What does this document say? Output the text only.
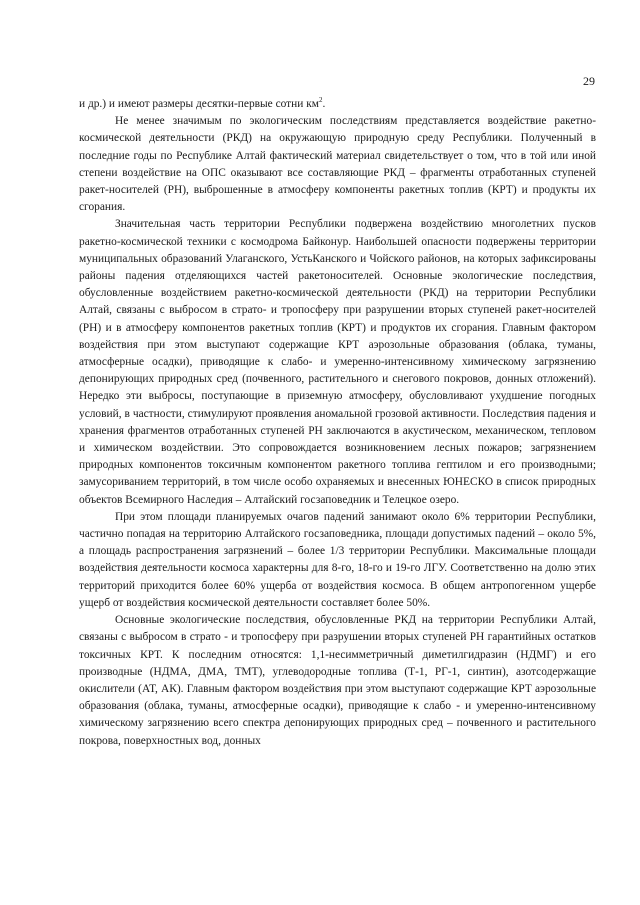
29

и др.) и имеют размеры десятки-первые сотни $км^2$.

Не менее значимым по экологическим последствиям представляется воздействие ракетно-космической деятельности (РКД) на окружающую природную среду Республики. Полученный в последние годы по Республике Алтай фактический материал свидетельствует о том, что в той или иной степени воздействие на ОПС оказывают все составляющие РКД – фрагменты отработанных ступеней ракет-носителей (РН), выброшенные в атмосферу компоненты ракетных топлив (КРТ) и продукты их сгорания.

Значительная часть территории Республики подвержена воздействию многолетних пусков ракетно-космической техники с космодрома Байконур. Наибольшей опасности подвержены территории муниципальных образований Улаганского, УстьКанского и Чойского районов, на которых зафиксированы районы падения отделяющихся частей ракетоносителей. Основные экологические последствия, обусловленные воздействием ракетно-космической деятельности (РКД) на территории Республики Алтай, связаны с выбросом в страто- и тропосферу при разрушении вторых ступеней ракет-носителей (РН) и в атмосферу компонентов ракетных топлив (КРТ) и продуктов их сгорания. Главным фактором воздействия при этом выступают содержащие КРТ аэрозольные образования (облака, туманы, атмосферные осадки), приводящие к слабо- и умеренно-интенсивному химическому загрязнению депонирующих природных сред (почвенного, растительного и снегового покровов, донных отложений). Нередко эти выбросы, поступающие в приземную атмосферу, обусловливают ухудшение погодных условий, в частности, стимулируют проявления аномальной грозовой активности. Последствия падения и хранения фрагментов отработанных ступеней РН заключаются в акустическом, механическом, тепловом и химическом воздействии. Это сопровождается возникновением лесных пожаров; загрязнением природных компонентов токсичным компонентом ракетного топлива гептилом и его производными; замусориванием территорий, в том числе особо охраняемых и внесенных ЮНЕСКО в список природных объектов Всемирного Наследия – Алтайский госзаповедник и Телецкое озеро.

При этом площади планируемых очагов падений занимают около 6% территории Республики, частично попадая на территорию Алтайского госзаповедника, площади допустимых падений – около 5%, а площадь распространения загрязнений – более 1/3 территории Республики. Максимальные площади воздействия деятельности космоса характерны для 8-го, 18-го и 19-го ЛГУ. Соответственно на долю этих территорий приходится более 60% ущерба от воздействия космоса. В общем антропогенном ущербе ущерб от воздействия космической деятельности составляет более 50%.

Основные экологические последствия, обусловленные РКД на территории Республики Алтай, связаны с выбросом в страто - и тропосферу при разрушении вторых ступеней РН гарантийных остатков токсичных КРТ. К последним относятся: 1,1-несимметричный диметилгидразин (НДМГ) и его производные (НДМА, ДМА, ТМТ), углеводородные топлива (Т-1, РГ-1, синтин), азотсодержащие окислители (АТ, АК). Главным фактором воздействия при этом выступают содержащие КРТ аэрозольные образования (облака, туманы, атмосферные осадки), приводящие к слабо - и умеренно-интенсивному химическому загрязнению всего спектра депонирующих природных сред – почвенного и растительного покрова, поверхностных вод, донных
